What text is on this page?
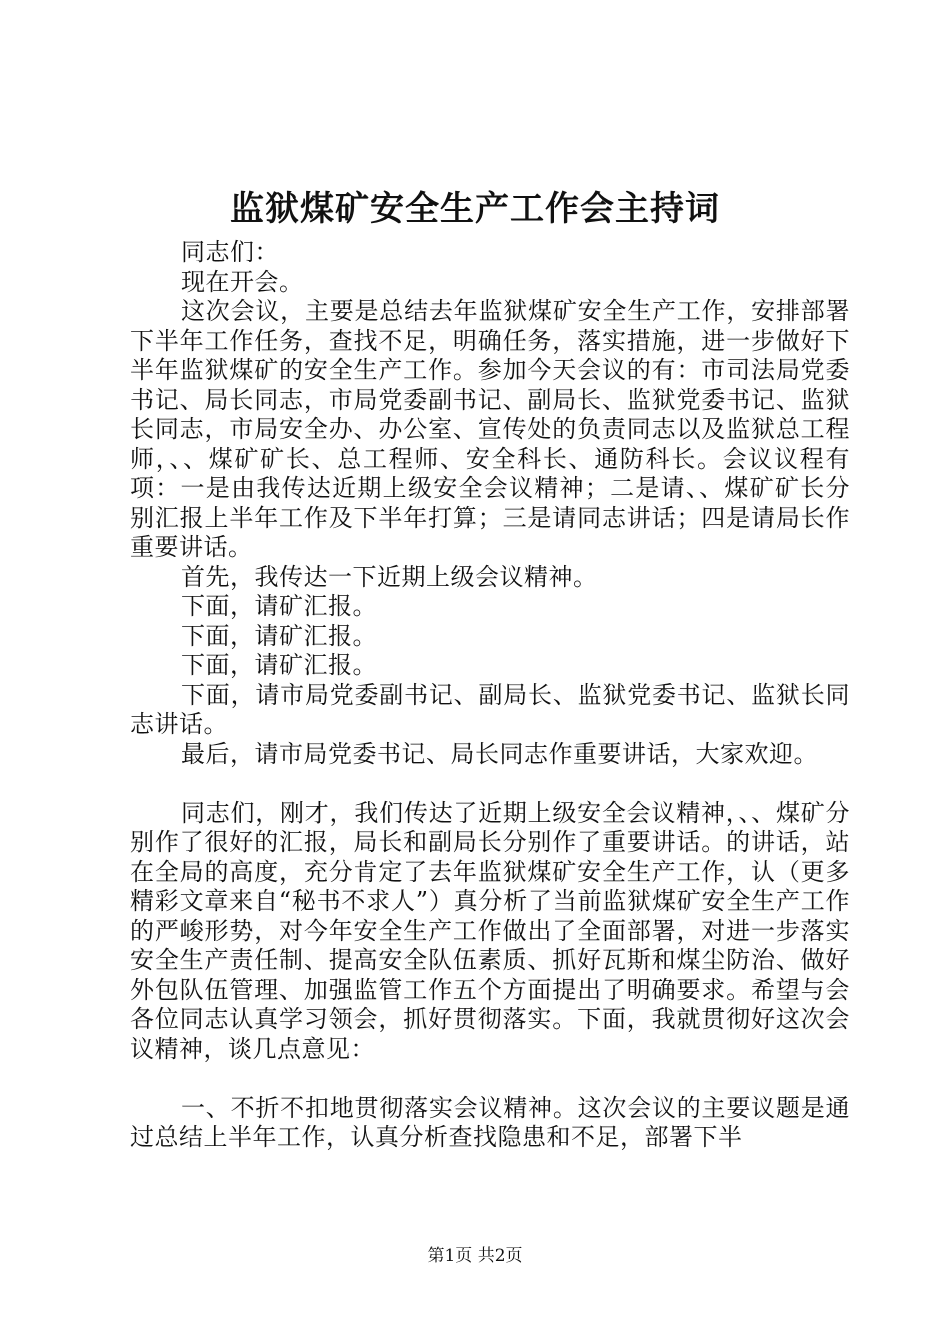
监狱煤矿安全生产工作会主持词

同志们：

现在开会。

这次会议，主要是总结去年监狱煤矿安全生产工作，安排部署下半年工作任务，查找不足，明确任务，落实措施，进一步做好下半年监狱煤矿的安全生产工作。参加今天会议的有：市司法局党委书记、局长同志，市局党委副书记、副局长、监狱党委书记、监狱长同志，市局安全办、办公室、宣传处的负责同志以及监狱总工程师，、、煤矿矿长、总工程师、安全科长、通防科长。会议议程有项：一是由我传达近期上级安全会议精神；二是请、、煤矿矿长分别汇报上半年工作及下半年打算；三是请同志讲话；四是请局长作重要讲话。

首先，我传达一下近期上级会议精神。

下面，请矿汇报。

下面，请矿汇报。

下面，请矿汇报。

下面，请市局党委副书记、副局长、监狱党委书记、监狱长同志讲话。

最后，请市局党委书记、局长同志作重要讲话，大家欢迎。

同志们，刚才，我们传达了近期上级安全会议精神，、、煤矿分别作了很好的汇报，局长和副局长分别作了重要讲话。的讲话，站在全局的高度，充分肯定了去年监狱煤矿安全生产工作，认（更多精彩文章来自“秘书不求人”）真分析了当前监狱煤矿安全生产工作的严峻形势，对今年安全生产工作做出了全面部署，对进一步落实安全生产责任制、提高安全队伍素质、抓好瓦斯和煤尘防治、做好外包队伍管理、加强监管工作五个方面提出了明确要求。希望与会各位同志认真学习领会，抓好贯彻落实。下面，我就贯彻好这次会议精神，谈几点意见：

一、不折不扣地贯彻落实会议精神。这次会议的主要议题是通过总结上半年工作，认真分析查找隐患和不足，部署下半

第1页 共2页
